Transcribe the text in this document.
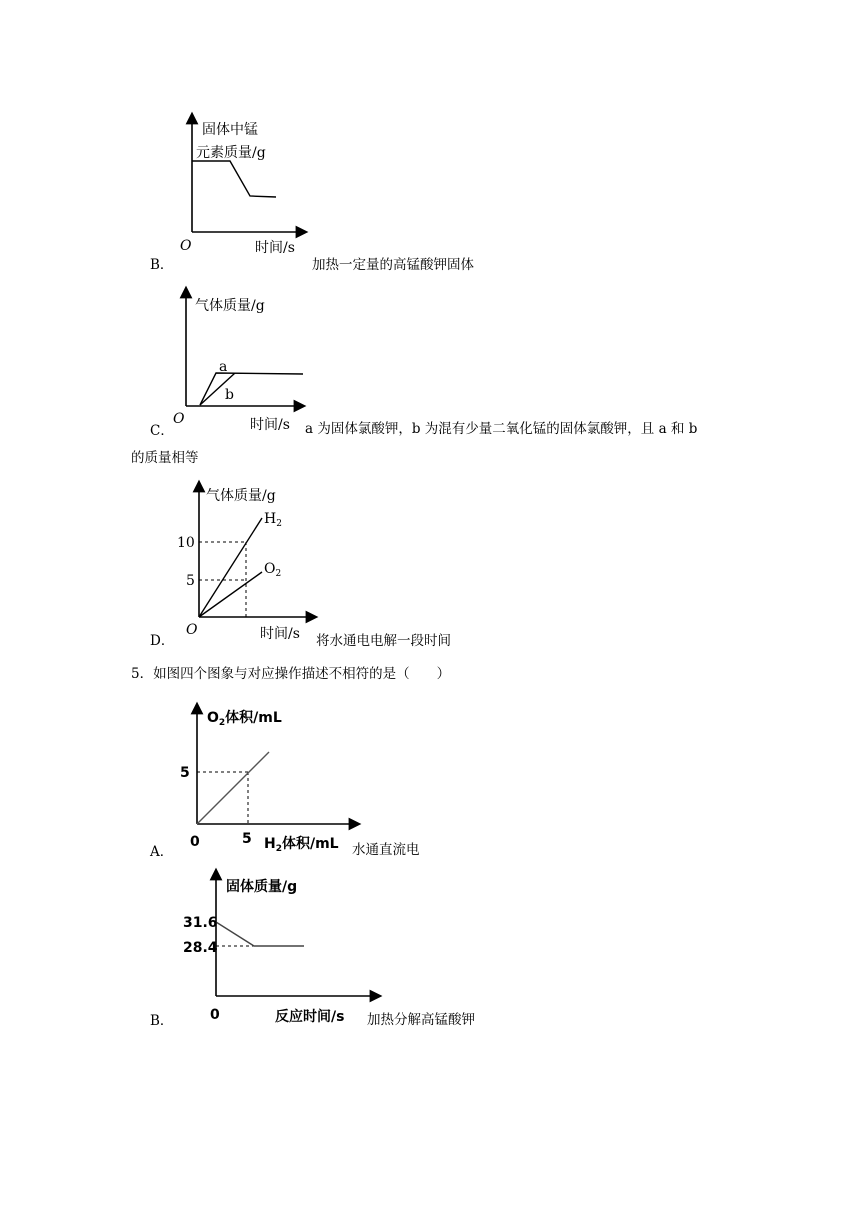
固体中锰
元素质量/g
O	时间/s
B．	加热一定量的高锰酸钾固体
气体质量/g
a
b
O	时间/s
C．	a 为固体氯酸钾，b 为混有少量二氧化锰的固体氯酸钾，且 a 和 b
的质量相等
气体质量/g
10
5
$H_2$
$O_2$
O	时间/s
D．	将水通电电解一段时间
5．如图四个图象与对应操作描述不相符的是（　　）
$O_2$体积/mL
5
0	5 $H_2$体积/mL
A．	水通直流电
固体质量/g
31.6
28.4
0	反应时间/s
B．	加热分解高锰酸钾
